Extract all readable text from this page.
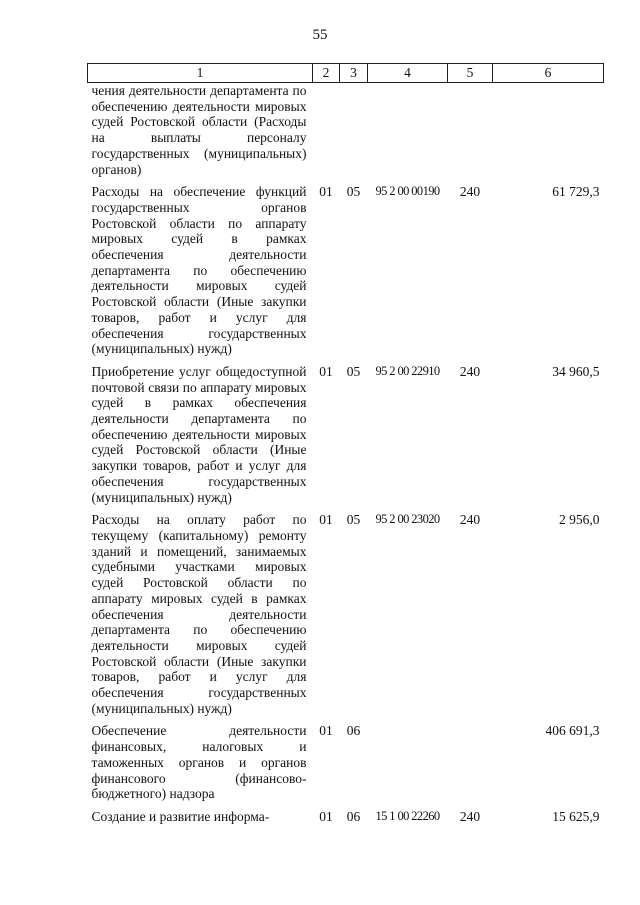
55
1	2	3	4	5	6
чения деятельности департамента по обеспечению деятельности мировых судей Ростовской области (Расходы на выплаты персоналу государственных (муниципальных) органов)					
Расходы на обеспечение функций государственных органов Ростовской области по аппарату мировых судей в рамках обеспечения деятельности департамента по обеспечению деятельности мировых судей Ростовской области (Иные закупки товаров, работ и услуг для обеспечения государственных (муниципальных) нужд)	01	05	95 2 00 00190	240	61 729,3
Приобретение услуг общедоступной почтовой связи по аппарату мировых судей в рамках обеспечения деятельности департамента по обеспечению деятельности мировых судей Ростовской области (Иные закупки товаров, работ и услуг для обеспечения государственных (муниципальных) нужд)	01	05	95 2 00 22910	240	34 960,5
Расходы на оплату работ по текущему (капитальному) ремонту зданий и помещений, занимаемых судебными участками мировых судей Ростовской области по аппарату мировых судей в рамках обеспечения деятельности департамента по обеспечению деятельности мировых судей Ростовской области (Иные закупки товаров, работ и услуг для обеспечения государственных (муниципальных) нужд)	01	05	95 2 00 23020	240	2 956,0
Обеспечение деятельности финансовых, налоговых и таможенных органов и органов финансового (финансово-бюджетного) надзора	01	06			406 691,3
Создание и развитие информа-	01	06	15 1 00 22260	240	15 625,9
